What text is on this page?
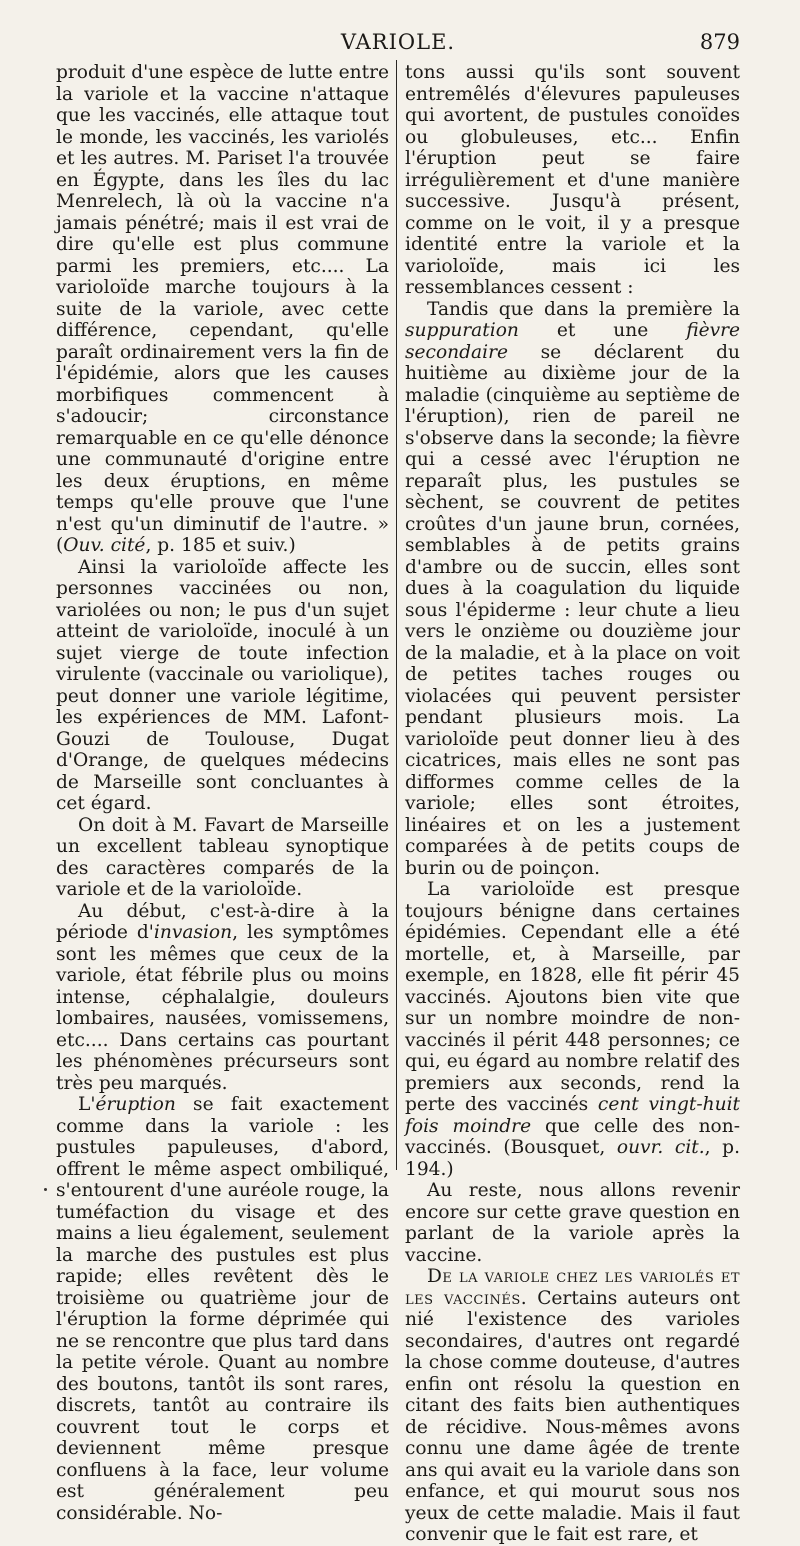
VARIOLE.	879

produit d'une espèce de lutte entre la variole et la vaccine n'attaque que les vaccinés, elle attaque tout le monde, les vaccinés, les variolés et les autres. M. Pariset l'a trouvée en Égypte, dans les îles du lac Menrelech, là où la vaccine n'a jamais pénétré; mais il est vrai de dire qu'elle est plus commune parmi les premiers, etc.... La varioloïde marche toujours à la suite de la variole, avec cette différence, cependant, qu'elle paraît ordinairement vers la fin de l'épidémie, alors que les causes morbifiques commencent à s'adoucir; circonstance remarquable en ce qu'elle dénonce une communauté d'origine entre les deux éruptions, en même temps qu'elle prouve que l'une n'est qu'un diminutif de l'autre. » (Ouv. cité, p. 185 et suiv.)

Ainsi la varioloïde affecte les personnes vaccinées ou non, variolées ou non; le pus d'un sujet atteint de varioloïde, inoculé à un sujet vierge de toute infection virulente (vaccinale ou variolique), peut donner une variole légitime, les expériences de MM. Lafont-Gouzi de Toulouse, Dugat d'Orange, de quelques médecins de Marseille sont concluantes à cet égard.

On doit à M. Favart de Marseille un excellent tableau synoptique des caractères comparés de la variole et de la varioloïde.

Au début, c'est-à-dire à la période d'invasion, les symptômes sont les mêmes que ceux de la variole, état fébrile plus ou moins intense, céphalalgie, douleurs lombaires, nausées, vomissemens, etc.... Dans certains cas pourtant les phénomènes précurseurs sont très peu marqués.

L'éruption se fait exactement comme dans la variole : les pustules papuleuses, d'abord, offrent le même aspect ombiliqué, s'entourent d'une auréole rouge, la tuméfaction du visage et des mains a lieu également, seulement la marche des pustules est plus rapide; elles revêtent dès le troisième ou quatrième jour de l'éruption la forme déprimée qui ne se rencontre que plus tard dans la petite vérole. Quant au nombre des boutons, tantôt ils sont rares, discrets, tantôt au contraire ils couvrent tout le corps et deviennent même presque confluens à la face, leur volume est généralement peu considérable. No-

tons aussi qu'ils sont souvent entremêlés d'élevures papuleuses qui avortent, de pustules conoïdes ou globuleuses, etc... Enfin l'éruption peut se faire irrégulièrement et d'une manière successive. Jusqu'à présent, comme on le voit, il y a presque identité entre la variole et la varioloïde, mais ici les ressemblances cessent :

Tandis que dans la première la suppuration et une fièvre secondaire se déclarent du huitième au dixième jour de la maladie (cinquième au septième de l'éruption), rien de pareil ne s'observe dans la seconde; la fièvre qui a cessé avec l'éruption ne reparaît plus, les pustules se sèchent, se couvrent de petites croûtes d'un jaune brun, cornées, semblables à de petits grains d'ambre ou de succin, elles sont dues à la coagulation du liquide sous l'épiderme : leur chute a lieu vers le onzième ou douzième jour de la maladie, et à la place on voit de petites taches rouges ou violacées qui peuvent persister pendant plusieurs mois. La varioloïde peut donner lieu à des cicatrices, mais elles ne sont pas difformes comme celles de la variole; elles sont étroites, linéaires et on les a justement comparées à de petits coups de burin ou de poinçon.

La varioloïde est presque toujours bénigne dans certaines épidémies. Cependant elle a été mortelle, et, à Marseille, par exemple, en 1828, elle fit périr 45 vaccinés. Ajoutons bien vite que sur un nombre moindre de non-vaccinés il périt 448 personnes; ce qui, eu égard au nombre relatif des premiers aux seconds, rend la perte des vaccinés cent vingt-huit fois moindre que celle des non-vaccinés. (Bousquet, ouvr. cit., p. 194.)

Au reste, nous allons revenir encore sur cette grave question en parlant de la variole après la vaccine.

De la variole chez les variolés et les vaccinés. Certains auteurs ont nié l'existence des varioles secondaires, d'autres ont regardé la chose comme douteuse, d'autres enfin ont résolu la question en citant des faits bien authentiques de récidive. Nous-mêmes avons connu une dame âgée de trente ans qui avait eu la variole dans son enfance, et qui mourut sous nos yeux de cette maladie. Mais il faut convenir que le fait est rare, et
